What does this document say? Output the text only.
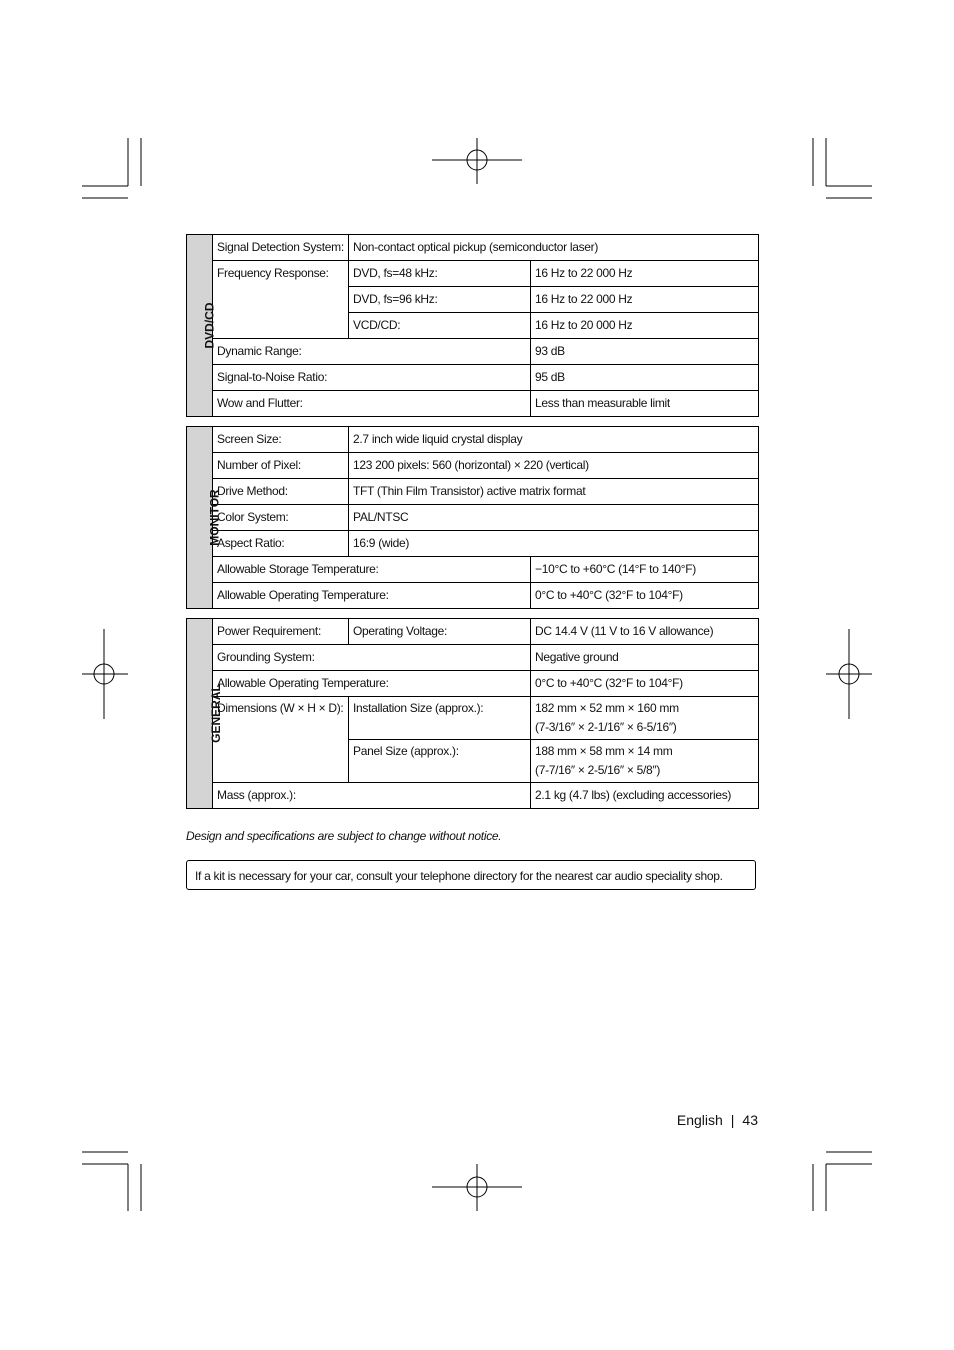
DVD/CD	Signal Detection System:	Non-contact optical pickup (semiconductor laser)	
	Frequency Response:	DVD, fs=48 kHz:	16 Hz to 22 000 Hz
		DVD, fs=96 kHz:	16 Hz to 22 000 Hz
		VCD/CD:	16 Hz to 20 000 Hz
	Dynamic Range:		93 dB
	Signal-to-Noise Ratio:		95 dB
	Wow and Flutter:		Less than measurable limit
MONITOR	Screen Size:	2.7 inch wide liquid crystal display	
	Number of Pixel:	123 200 pixels: 560 (horizontal) × 220 (vertical)	
	Drive Method:	TFT (Thin Film Transistor) active matrix format	
	Color System:	PAL/NTSC	
	Aspect Ratio:	16:9 (wide)	
	Allowable Storage Temperature:		−10°C to +60°C (14°F to 140°F)
	Allowable Operating Temperature:		0°C to +40°C (32°F to 104°F)
GENERAL	Power Requirement:	Operating Voltage:	DC 14.4 V (11 V to 16 V allowance)
	Grounding System:		Negative ground
	Allowable Operating Temperature:		0°C to +40°C (32°F to 104°F)
	Dimensions (W × H × D):	Installation Size (approx.):	182 mm × 52 mm × 160 mm
(7-3/16″ × 2-1/16″ × 6-5/16″)

		Panel Size (approx.):	188 mm × 58 mm × 14 mm
(7-7/16″ × 2-5/16″ × 5/8″)

	Mass (approx.):		2.1 kg (4.7 lbs) (excluding accessories)
Design and specifications are subject to change without notice.
If a kit is necessary for your car, consult your telephone directory for the nearest car audio speciality shop.
English | 43
